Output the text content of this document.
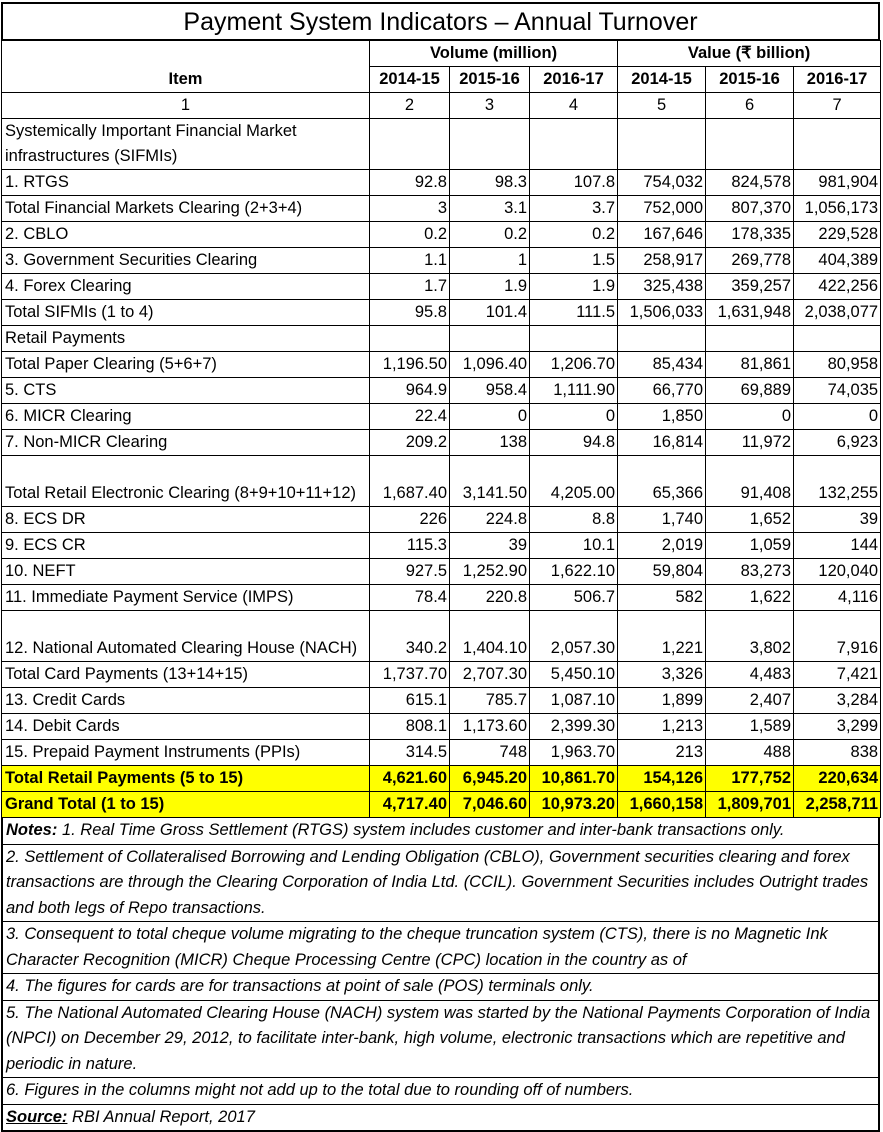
Payment System Indicators – Annual Turnover
Item	Volume (million)			Value (₹ billion)		
	2014-15	2015-16	2016-17	2014-15	2015-16	2016-17
1	2	3	4	5	6	7
Systemically Important Financial Market infrastructures (SIFMIs)						
1. RTGS	92.8	98.3	107.8	754,032	824,578	981,904
Total Financial Markets Clearing (2+3+4)	3	3.1	3.7	752,000	807,370	1,056,173
2. CBLO	0.2	0.2	0.2	167,646	178,335	229,528
3. Government Securities Clearing	1.1	1	1.5	258,917	269,778	404,389
4. Forex Clearing	1.7	1.9	1.9	325,438	359,257	422,256
Total SIFMIs (1 to 4)	95.8	101.4	111.5	1,506,033	1,631,948	2,038,077
Retail Payments						
Total Paper Clearing (5+6+7)	1,196.50	1,096.40	1,206.70	85,434	81,861	80,958
5. CTS	964.9	958.4	1,111.90	66,770	69,889	74,035
6. MICR Clearing	22.4	0	0	1,850	0	0
7. Non-MICR Clearing	209.2	138	94.8	16,814	11,972	6,923
Total Retail Electronic Clearing (8+9+10+11+12)	1,687.40	3,141.50	4,205.00	65,366	91,408	132,255
8. ECS DR	226	224.8	8.8	1,740	1,652	39
9. ECS CR	115.3	39	10.1	2,019	1,059	144
10. NEFT	927.5	1,252.90	1,622.10	59,804	83,273	120,040
11. Immediate Payment Service (IMPS)	78.4	220.8	506.7	582	1,622	4,116
12. National Automated Clearing House (NACH)	340.2	1,404.10	2,057.30	1,221	3,802	7,916
Total Card Payments (13+14+15)	1,737.70	2,707.30	5,450.10	3,326	4,483	7,421
13. Credit Cards	615.1	785.7	1,087.10	1,899	2,407	3,284
14. Debit Cards	808.1	1,173.60	2,399.30	1,213	1,589	3,299
15. Prepaid Payment Instruments (PPIs)	314.5	748	1,963.70	213	488	838
Total Retail Payments (5 to 15)	4,621.60	6,945.20	10,861.70	154,126	177,752	220,634
Grand Total (1 to 15)	4,717.40	7,046.60	10,973.20	1,660,158	1,809,701	2,258,711
Notes: 1. Real Time Gross Settlement (RTGS) system includes customer and inter-bank transactions only.
2. Settlement of Collateralised Borrowing and Lending Obligation (CBLO), Government securities clearing and forex transactions are through the Clearing Corporation of India Ltd. (CCIL). Government Securities includes Outright trades and both legs of Repo transactions.
3. Consequent to total cheque volume migrating to the cheque truncation system (CTS), there is no Magnetic Ink Character Recognition (MICR) Cheque Processing Centre (CPC) location in the country as of
4. The figures for cards are for transactions at point of sale (POS) terminals only.
5. The National Automated Clearing House (NACH) system was started by the National Payments Corporation of India (NPCI) on December 29, 2012, to facilitate inter-bank, high volume, electronic transactions which are repetitive and periodic in nature.
6. Figures in the columns might not add up to the total due to rounding off of numbers.
Source: RBI Annual Report, 2017
